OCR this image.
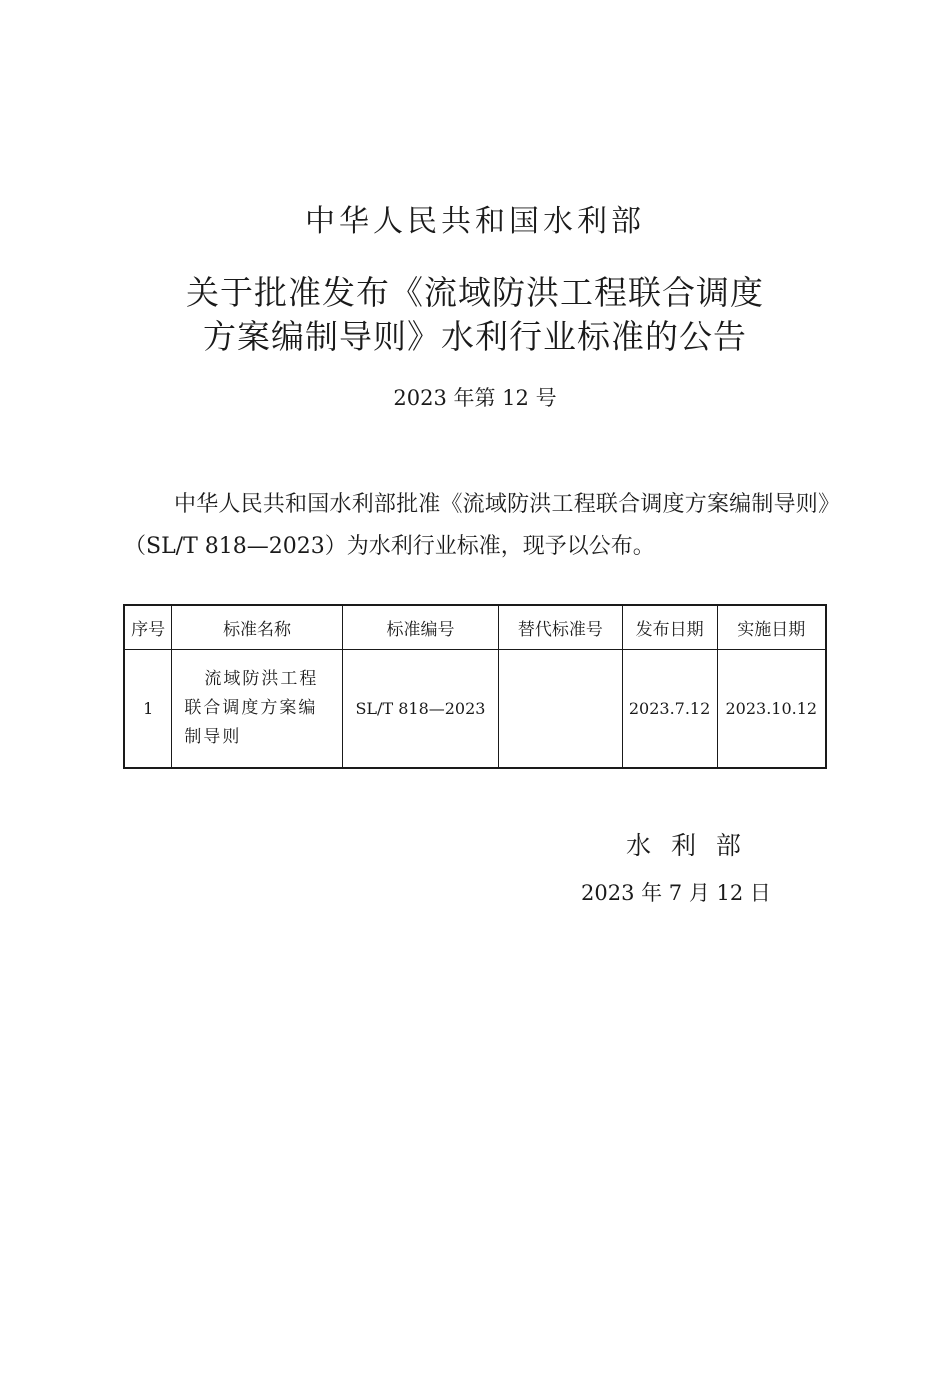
中华人民共和国水利部
关于批准发布《流域防洪工程联合调度
方案编制导则》水利行业标准的公告
2023 年第 12 号
中华人民共和国水利部批准《流域防洪工程联合调度方案编制导则》（SL/T 818—2023）为水利行业标准，现予以公布。
序号	标准名称	标准编号	替代标准号	发布日期	实施日期
1	流域防洪工程联合调度方案编制导则	SL/T 818—2023		2023.7.12	2023.10.12
水 利 部
2023 年 7 月 12 日
